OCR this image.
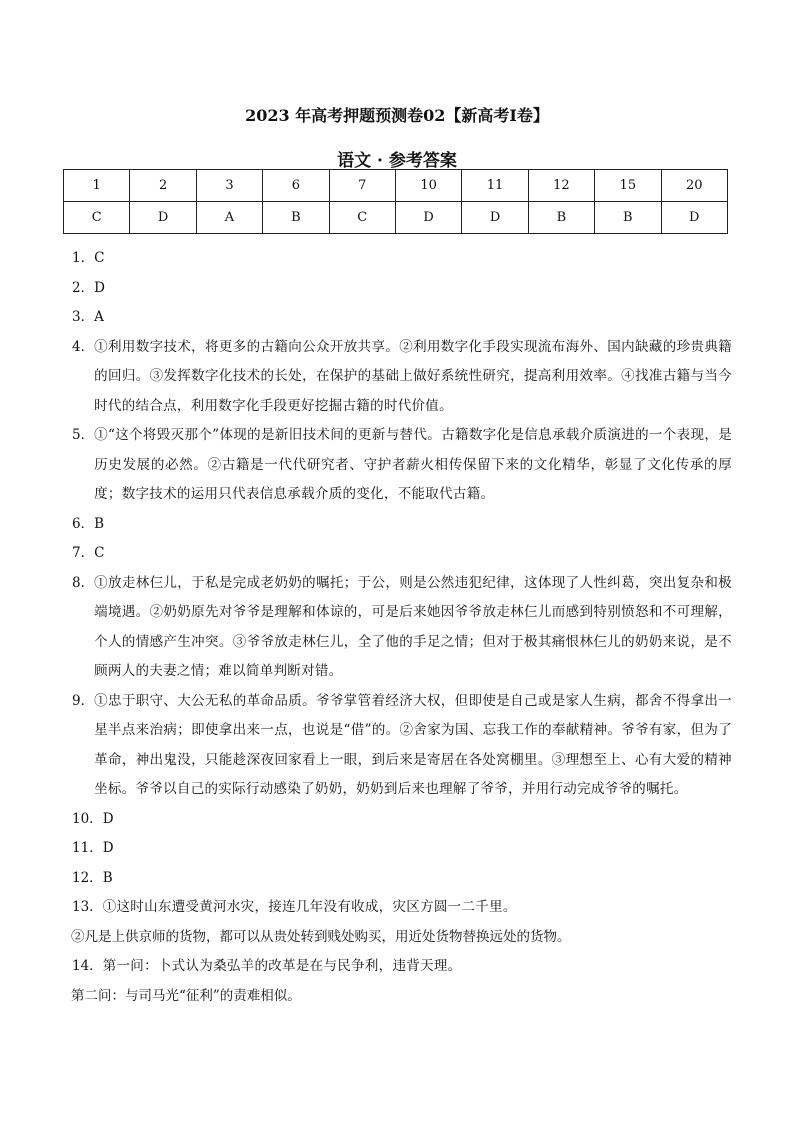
2023 年高考押题预测卷02【新高考I卷】
语文 · 参考答案
1	2	3	6	7	10	11	12	15	20
C	D	A	B	C	D	D	B	B	D
1． C
2． D
3． A
4． ①利用数字技术，将更多的古籍向公众开放共享。②利用数字化手段实现流布海外、国内缺藏的珍贵典籍的回归。③发挥数字化技术的长处，在保护的基础上做好系统性研究，提高利用效率。④找准古籍与当今时代的结合点，利用数字化手段更好挖掘古籍的时代价值。
5． ①“这个将毁灭那个”体现的是新旧技术间的更新与替代。古籍数字化是信息承载介质演进的一个表现，是历史发展的必然。②古籍是一代代研究者、守护者薪火相传保留下来的文化精华，彰显了文化传承的厚度；数字技术的运用只代表信息承载介质的变化，不能取代古籍。
6． B
7． C
8． ①放走林仨儿，于私是完成老奶奶的嘱托；于公，则是公然违犯纪律，这体现了人性纠葛，突出复杂和极端境遇。②奶奶原先对爷爷是理解和体谅的，可是后来她因爷爷放走林仨儿而感到特别愤怒和不可理解，个人的情感产生冲突。③爷爷放走林仨儿，全了他的手足之情；但对于极其痛恨林仨儿的奶奶来说，是不顾两人的夫妻之情；难以简单判断对错。
9． ①忠于职守、大公无私的革命品质。爷爷掌管着经济大权，但即使是自己或是家人生病，都舍不得拿出一星半点来治病；即使拿出来一点，也说是“借”的。②舍家为国、忘我工作的奉献精神。爷爷有家，但为了革命，神出鬼没，只能趁深夜回家看上一眼，到后来是寄居在各处窝棚里。③理想至上、心有大爱的精神坐标。爷爷以自己的实际行动感染了奶奶，奶奶到后来也理解了爷爷，并用行动完成爷爷的嘱托。
10． D
11． D
12． B
13． ①这时山东遭受黄河水灾，接连几年没有收成，灾区方圆一二千里。
②凡是上供京师的货物，都可以从贵处转到贱处购买，用近处货物替换远处的货物。
14． 第一问：卜式认为桑弘羊的改革是在与民争利，违背天理。
第二问：与司马光“征利”的责难相似。
